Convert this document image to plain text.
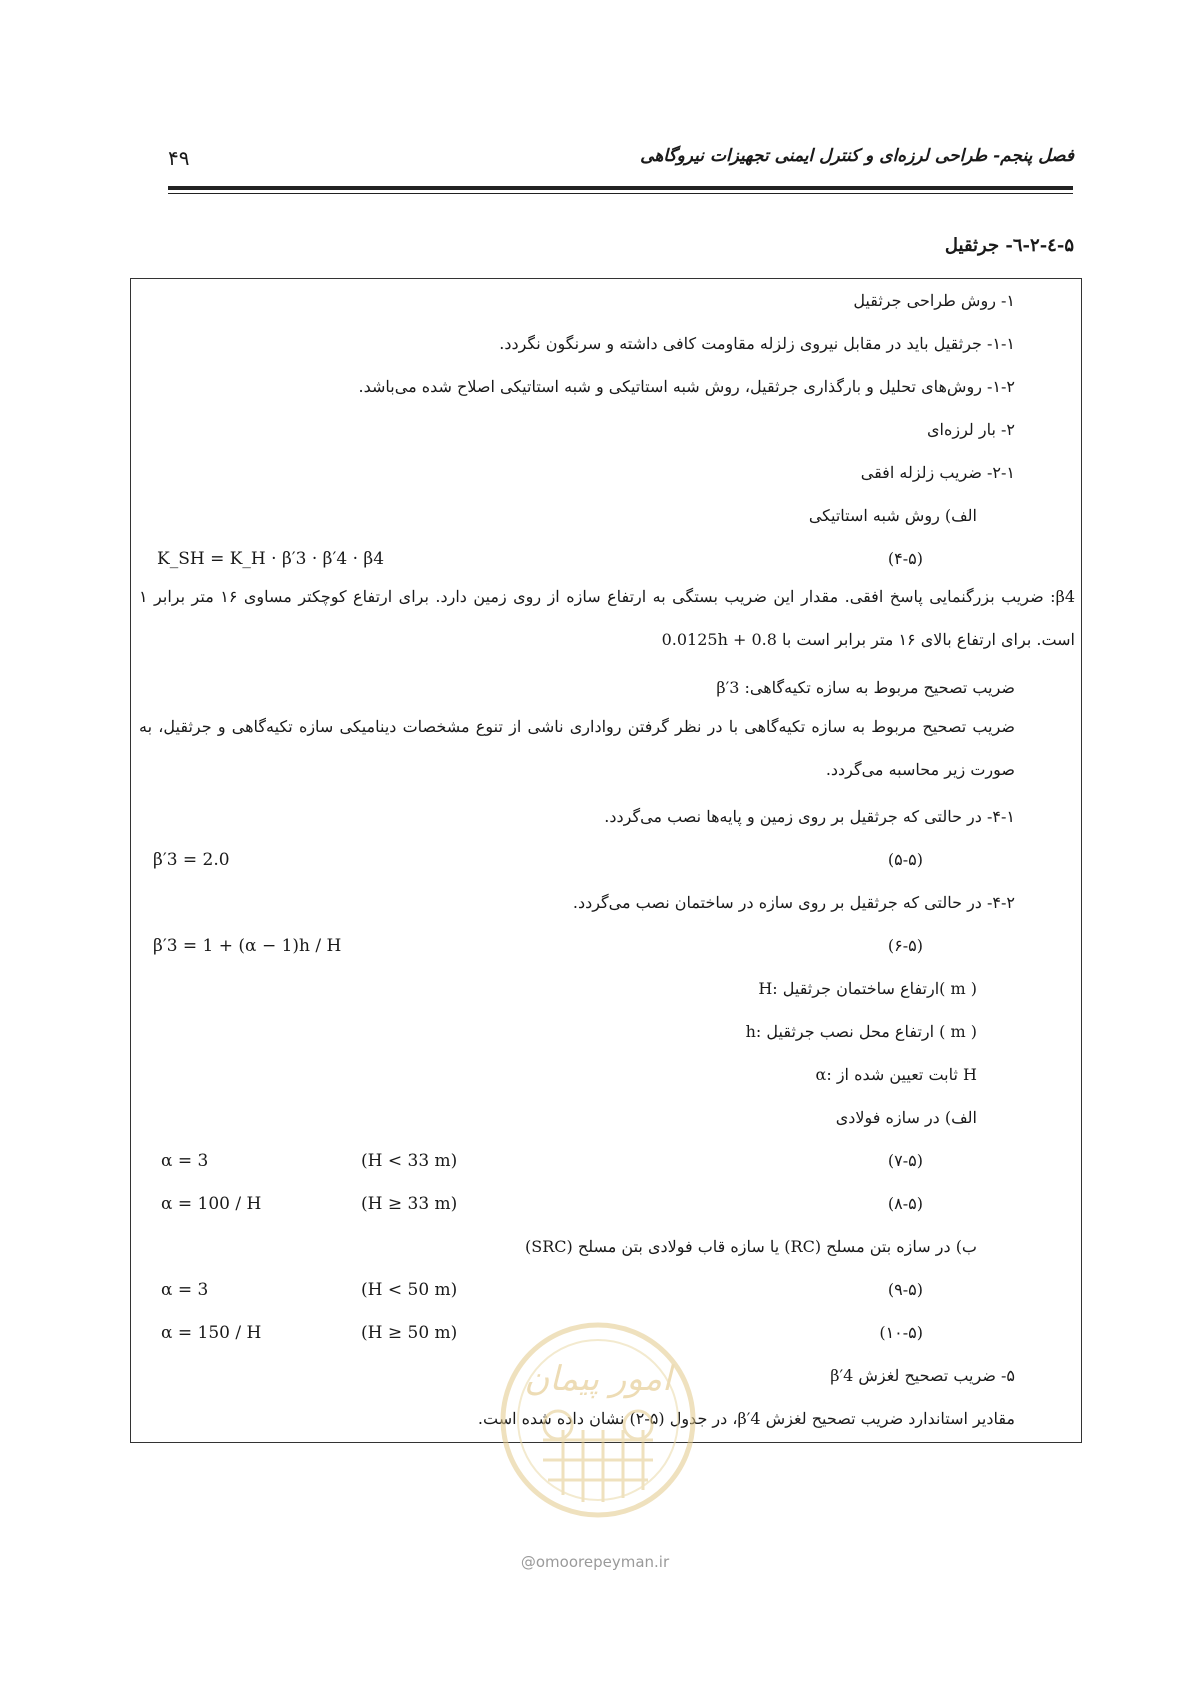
۴۹	فصل پنجم- طراحی لرزه‌ای و کنترل ایمنی تجهیزات نیروگاهی
۵-٤-۲-٦- جرثقیل
۱- روش طراحی جرثقیل
۱-۱- جرثقیل باید در مقابل نیروی زلزله مقاومت کافی داشته و سرنگون نگردد.
۱-۲- روش‌های تحلیل و بارگذاری جرثقیل، روش شبه استاتیکی و شبه استاتیکی اصلاح شده می‌باشد.
۲- بار لرزه‌ای
۲-۱- ضریب زلزله افقی
الف) روش شبه استاتیکی
K_SH = K_H · β′3 · β′4 · β4	(۴-۵)
β4: ضریب بزرگنمایی پاسخ افقی. مقدار این ضریب بستگی به ارتفاع سازه از روی زمین دارد. برای ارتفاع کوچکتر مساوی ۱۶ متر برابر ۱ است. برای ارتفاع بالای ۱۶ متر برابر است با 0.0125h + 0.8
β′3 :ضریب تصحیح مربوط به سازه تکیه‌گاهی
ضریب تصحیح مربوط به سازه تکیه‌گاهی با در نظر گرفتن رواداری ناشی از تنوع مشخصات دینامیکی سازه تکیه‌گاهی و جرثقیل، به صورت زیر محاسبه می‌گردد.
۴-۱- در حالتی که جرثقیل بر روی زمین و پایه‌ها نصب می‌گردد.
β′3 = 2.0	(۵-۵)
۴-۲- در حالتی که جرثقیل بر روی سازه در ساختمان نصب می‌گردد.
β′3 = 1 + (α − 1)h / H	(۶-۵)
H: ارتفاع ساختمان جرثقیل( m )
h: ارتفاع محل نصب جرثقیل ( m )
α: ثابت تعیین شده از H
الف) در سازه فولادی
α = 3	(H < 33 m)	(۷-۵)
α = 100 / H	(H ≥ 33 m)	(۸-۵)
ب) در سازه بتن مسلح (RC) یا سازه قاب فولادی بتن مسلح (SRC)
α = 3	(H < 50 m)	(۹-۵)
α = 150 / H	(H ≥ 50 m)	(۱۰-۵)
۵- ضریب تصحیح لغزش β′4
مقادیر استاندارد ضریب تصحیح لغزش β′4، در جدول (۵-۲) نشان داده شده است.
امور پیمان
@omoorepeyman.ir
